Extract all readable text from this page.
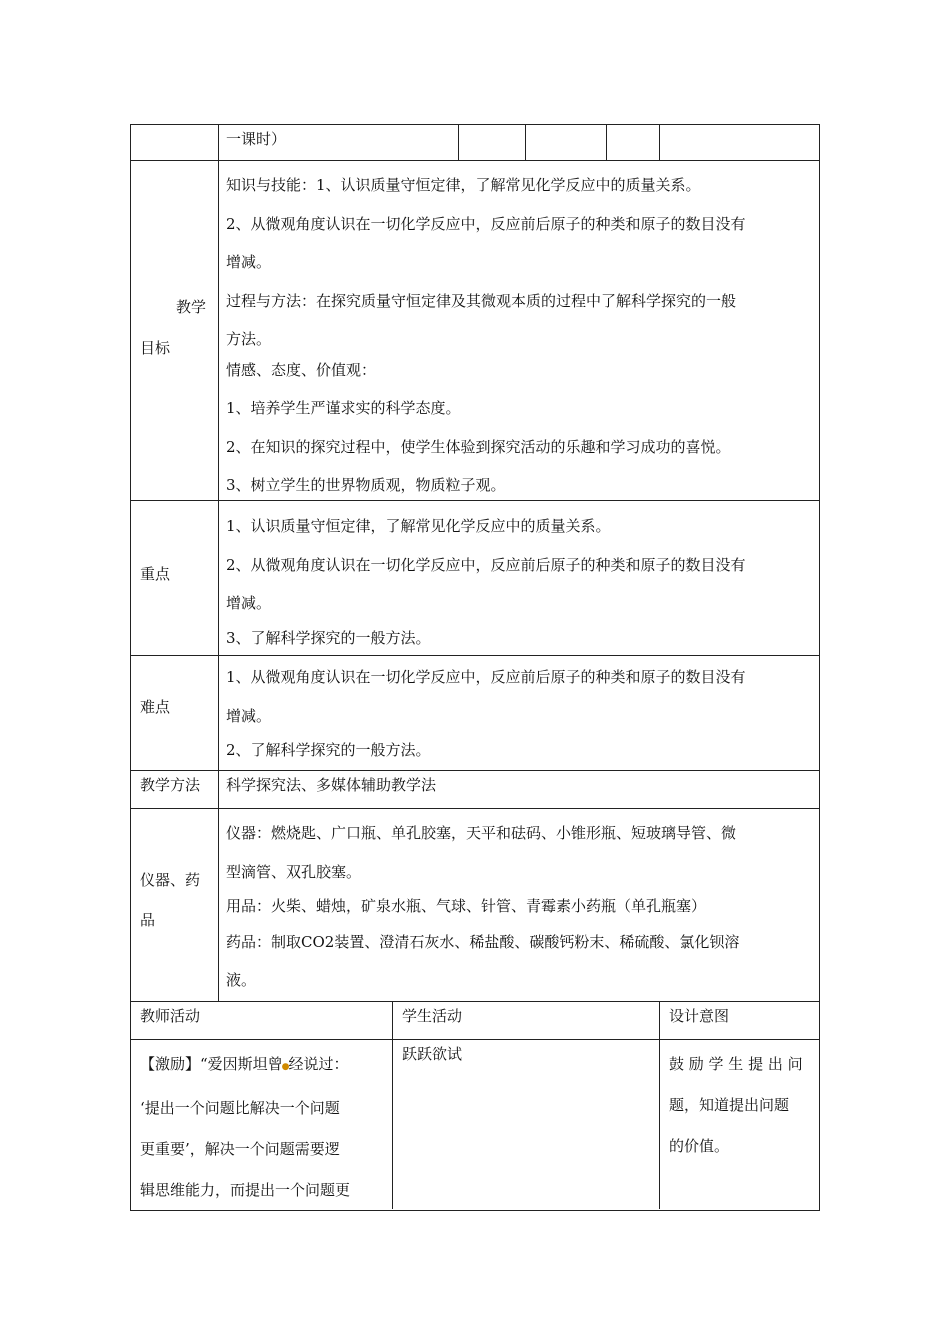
一课时）
教学
目标

知识与技能：1、认识质量守恒定律，了解常见化学反应中的质量关系。

2、从微观角度认识在一切化学反应中，反应前后原子的种类和原子的数目没有

增减。

过程与方法：在探究质量守恒定律及其微观本质的过程中了解科学探究的一般

方法。

情感、态度、价值观：

1、培养学生严谨求实的科学态度。

2、在知识的探究过程中，使学生体验到探究活动的乐趣和学习成功的喜悦。

3、树立学生的世界物质观，物质粒子观。

重点

1、认识质量守恒定律，了解常见化学反应中的质量关系。

2、从微观角度认识在一切化学反应中，反应前后原子的种类和原子的数目没有

增减。

3、了解科学探究的一般方法。

难点

1、从微观角度认识在一切化学反应中，反应前后原子的种类和原子的数目没有

增减。

2、了解科学探究的一般方法。

教学方法 科学探究法、多媒体辅助教学法
仪器、药
品

仪器：燃烧匙、广口瓶、单孔胶塞，天平和砝码、小锥形瓶、短玻璃导管、微

型滴管、双孔胶塞。

用品：火柴、蜡烛，矿泉水瓶、气球、针管、青霉素小药瓶（单孔瓶塞）

药品：制取CO2装置、澄清石灰水、稀盐酸、碳酸钙粉末、稀硫酸、氯化钡溶

液。

教师活动	学生活动	设计意图

【激励】“爱因斯坦曾●经说过：

‘提出一个问题比解决一个问题

更重要’，解决一个问题需要逻

辑思维能力，而提出一个问题更

跃跃欲试

鼓 励 学 生 提 出 问

题，知道提出问题

的价值。
